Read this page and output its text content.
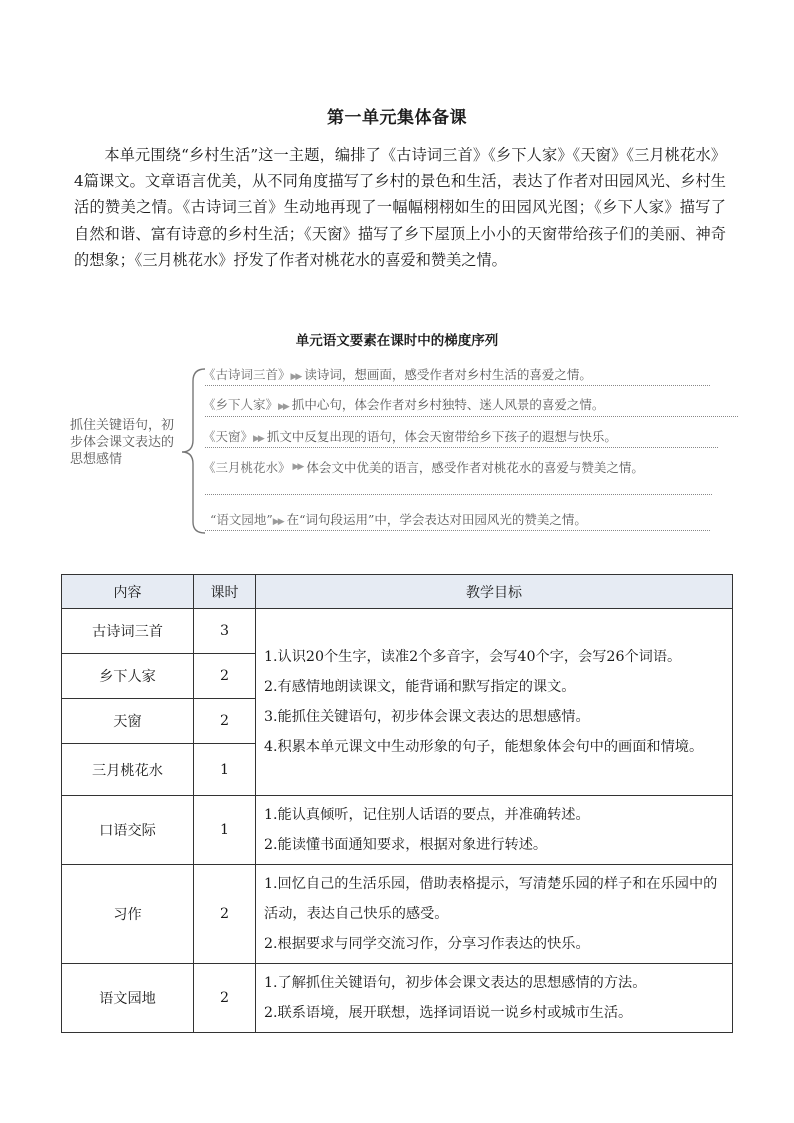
第一单元集体备课
本单元围绕“乡村生活”这一主题，编排了《古诗词三首》《乡下人家》《天窗》《三月桃花水》4篇课文。文章语言优美，从不同角度描写了乡村的景色和生活，表达了作者对田园风光、乡村生活的赞美之情。《古诗词三首》生动地再现了一幅幅栩栩如生的田园风光图；《乡下人家》描写了自然和谐、富有诗意的乡村生活；《天窗》描写了乡下屋顶上小小的天窗带给孩子们的美丽、神奇的想象；《三月桃花水》抒发了作者对桃花水的喜爱和赞美之情。
单元语文要素在课时中的梯度序列
抓住关键语句，初步体会课文表达的思想感情
《古诗词三首》▶▶ 读诗词，想画面，感受作者对乡村生活的喜爱之情。
《乡下人家》▶▶ 抓中心句，体会作者对乡村独特、迷人风景的喜爱之情。
《天窗》▶▶ 抓文中反复出现的语句，体会天窗带给乡下孩子的遐想与快乐。
《三月桃花水》 ▶▶ 体会文中优美的语言，感受作者对桃花水的喜爱与赞美之情。
“语文园地”▶▶ 在“词句段运用”中，学会表达对田园风光的赞美之情。
内容	课时	教学目标
古诗词三首	3	1.认识20个生字，读准2个多音字，会写40个字，会写26个词语。
2.有感情地朗读课文，能背诵和默写指定的课文。
3.能抓住关键语句，初步体会课文表达的思想感情。
4.积累本单元课文中生动形象的句子，能想象体会句中的画面和情境。

乡下人家	2	
天窗	2	
三月桃花水	1	
口语交际	1	1.能认真倾听，记住别人话语的要点，并准确转述。
2.能读懂书面通知要求，根据对象进行转述。

习作	2	1.回忆自己的生活乐园，借助表格提示，写清楚乐园的样子和在乐园中的活动，表达自己快乐的感受。
2.根据要求与同学交流习作，分享习作表达的快乐。

语文园地	2	1.了解抓住关键语句，初步体会课文表达的思想感情的方法。
2.联系语境，展开联想，选择词语说一说乡村或城市生活。
